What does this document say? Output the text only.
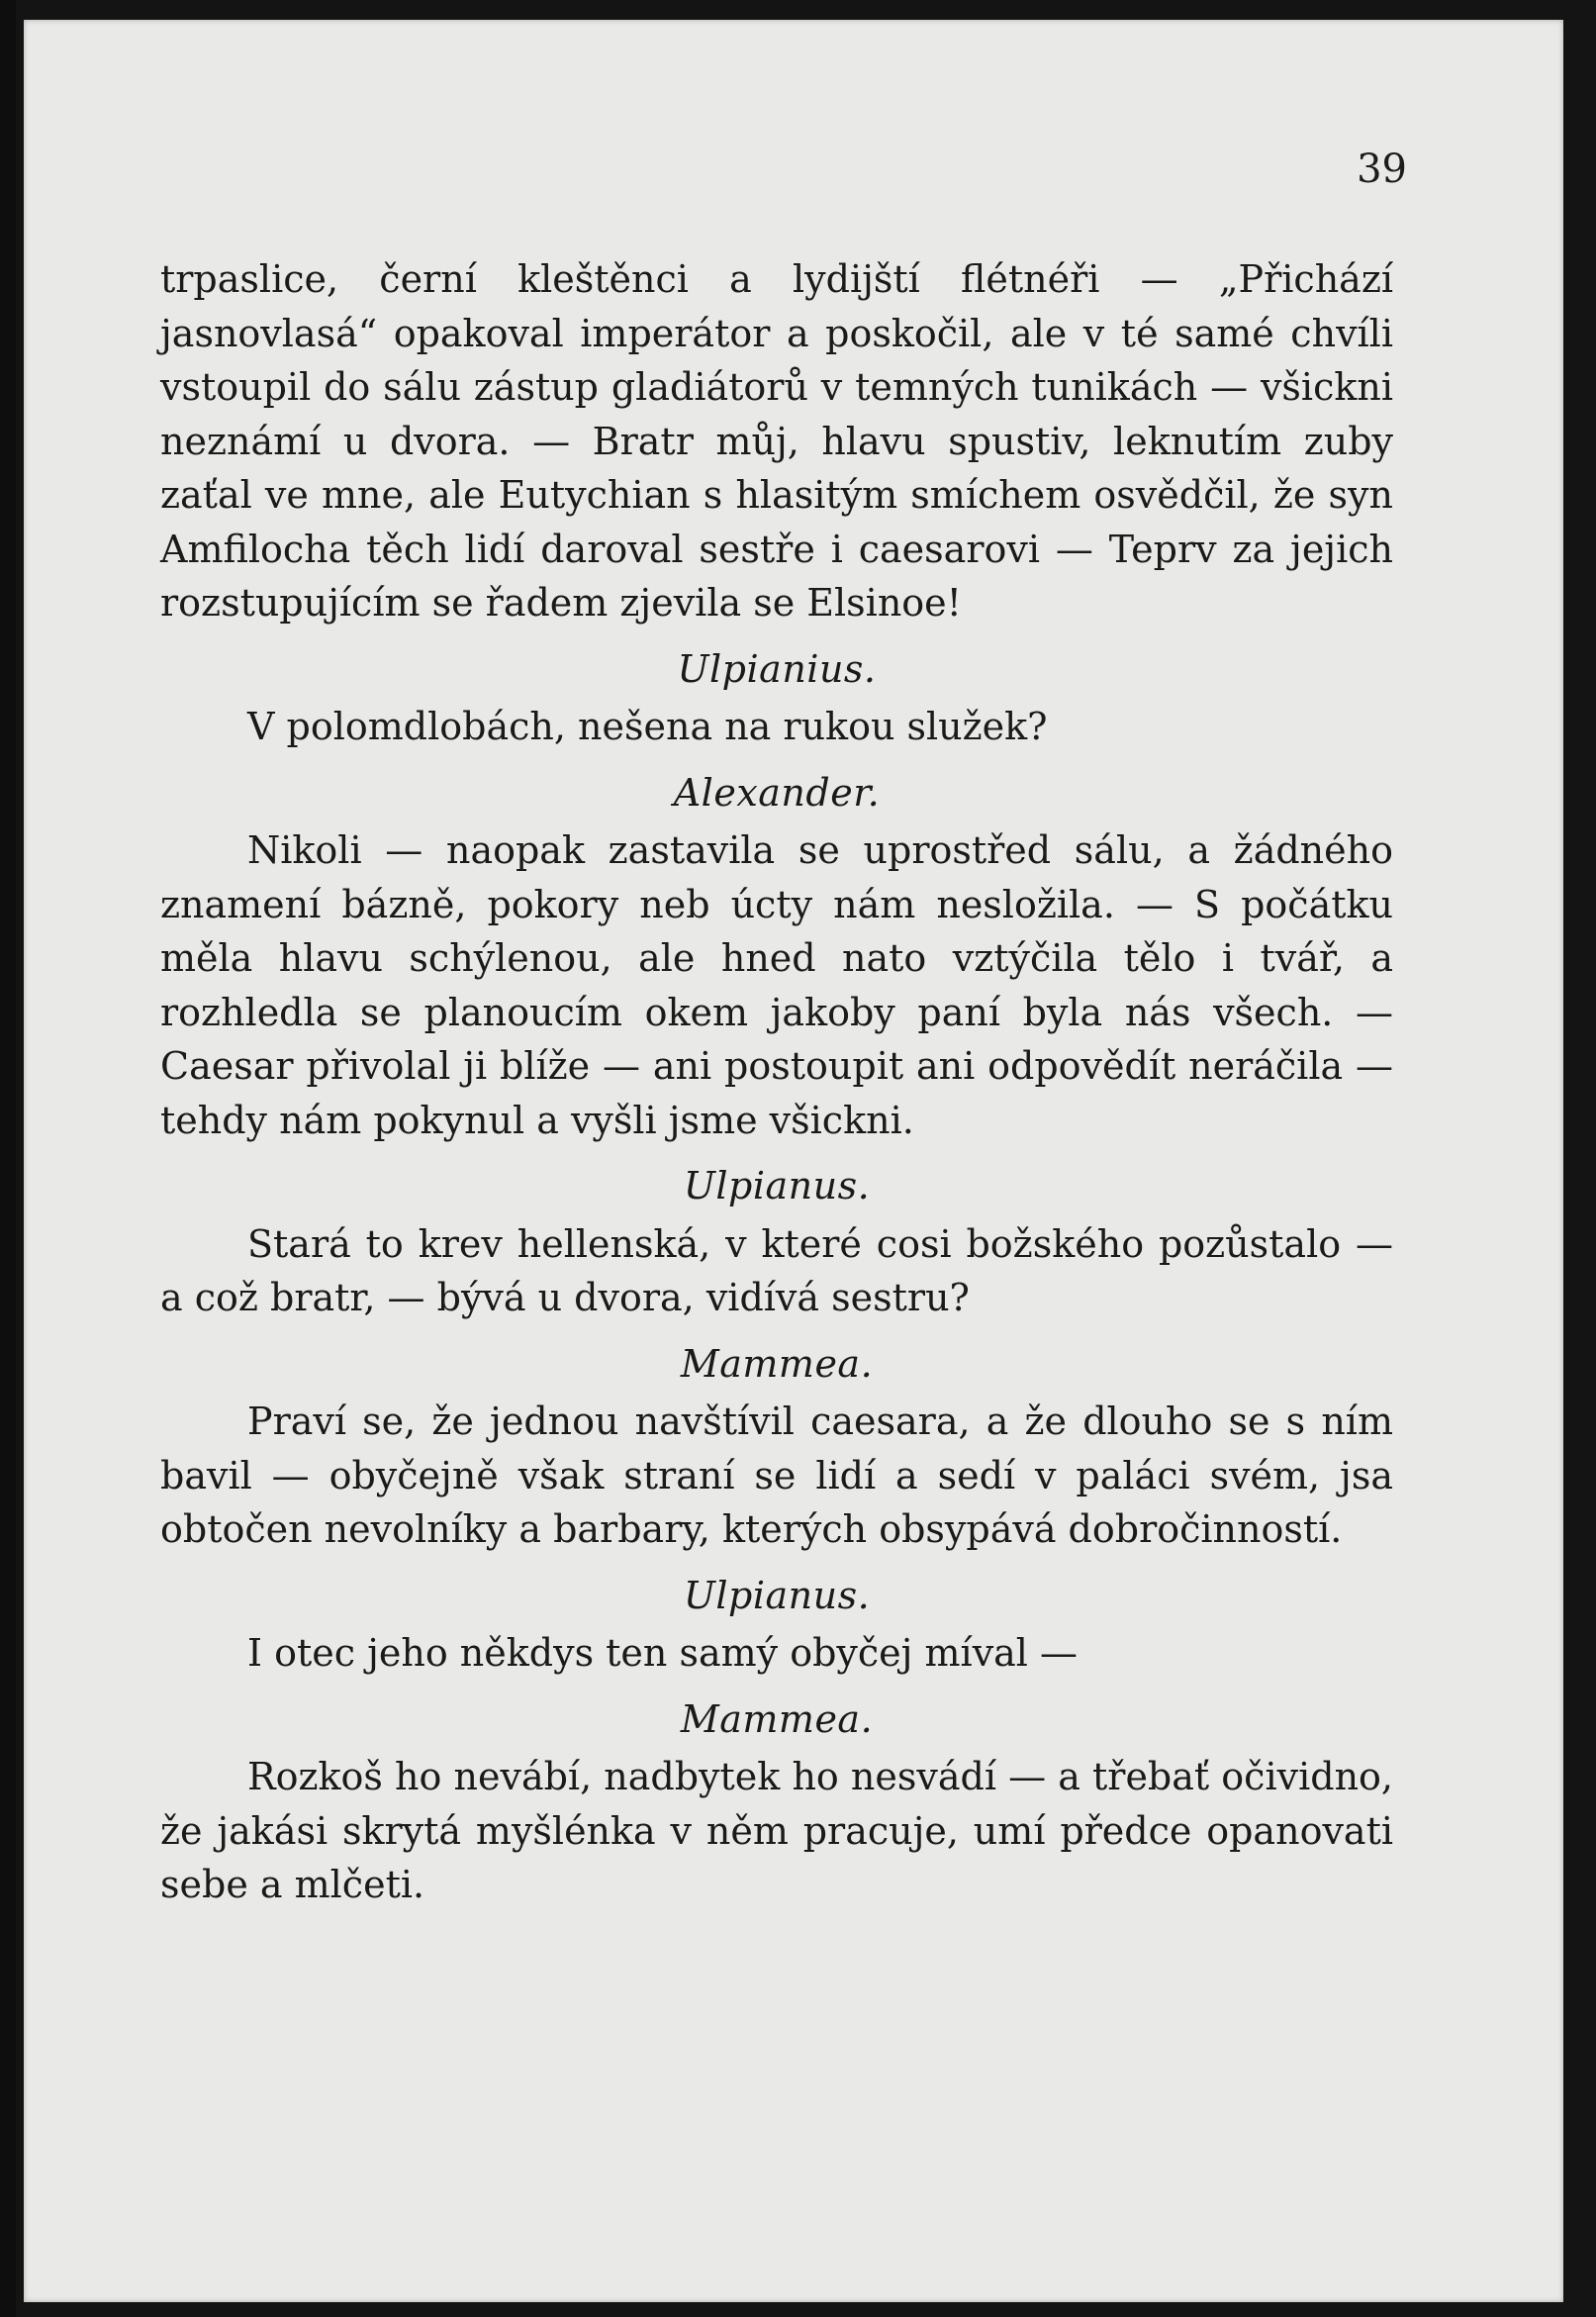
39

trpaslice, černí kleštěnci a lydijští flétnéři — „Přichází jasnovlasá“ opakoval imperátor a poskočil, ale v té samé chvíli vstoupil do sálu zástup gladiátorů v temných tunikách — všickni neznámí u dvora. — Bratr můj, hlavu spustiv, leknutím zuby zaťal ve mne, ale Eutychian s hlasitým smíchem osvědčil, že syn Amfilocha těch lidí daroval sestře i caesarovi — Teprv za jejich rozstupujícím se řadem zjevila se Elsinoe!

Ulpianius.

V polomdlobách, nešena na rukou služek?

Alexander.

Nikoli — naopak zastavila se uprostřed sálu, a žádného znamení bázně, pokory neb úcty nám nesložila. — S počátku měla hlavu schýlenou, ale hned nato vztýčila tělo i tvář, a rozhledla se planoucím okem jakoby paní byla nás všech. — Caesar přivolal ji blíže — ani postoupit ani odpovědít neráčila — tehdy nám pokynul a vyšli jsme všickni.

Ulpianus.

Stará to krev hellenská, v které cosi božského pozůstalo — a což bratr, — bývá u dvora, vidívá sestru?

Mammea.

Praví se, že jednou navštívil caesara, a že dlouho se s ním bavil — obyčejně však straní se lidí a sedí v paláci svém, jsa obtočen nevolníky a barbary, kterých obsypává dobročinností.

Ulpianus.

I otec jeho někdys ten samý obyčej míval —

Mammea.

Rozkoš ho nevábí, nadbytek ho nesvádí — a třebať očividno, že jakási skrytá myšlénka v něm pracuje, umí předce opanovati sebe a mlčeti.
